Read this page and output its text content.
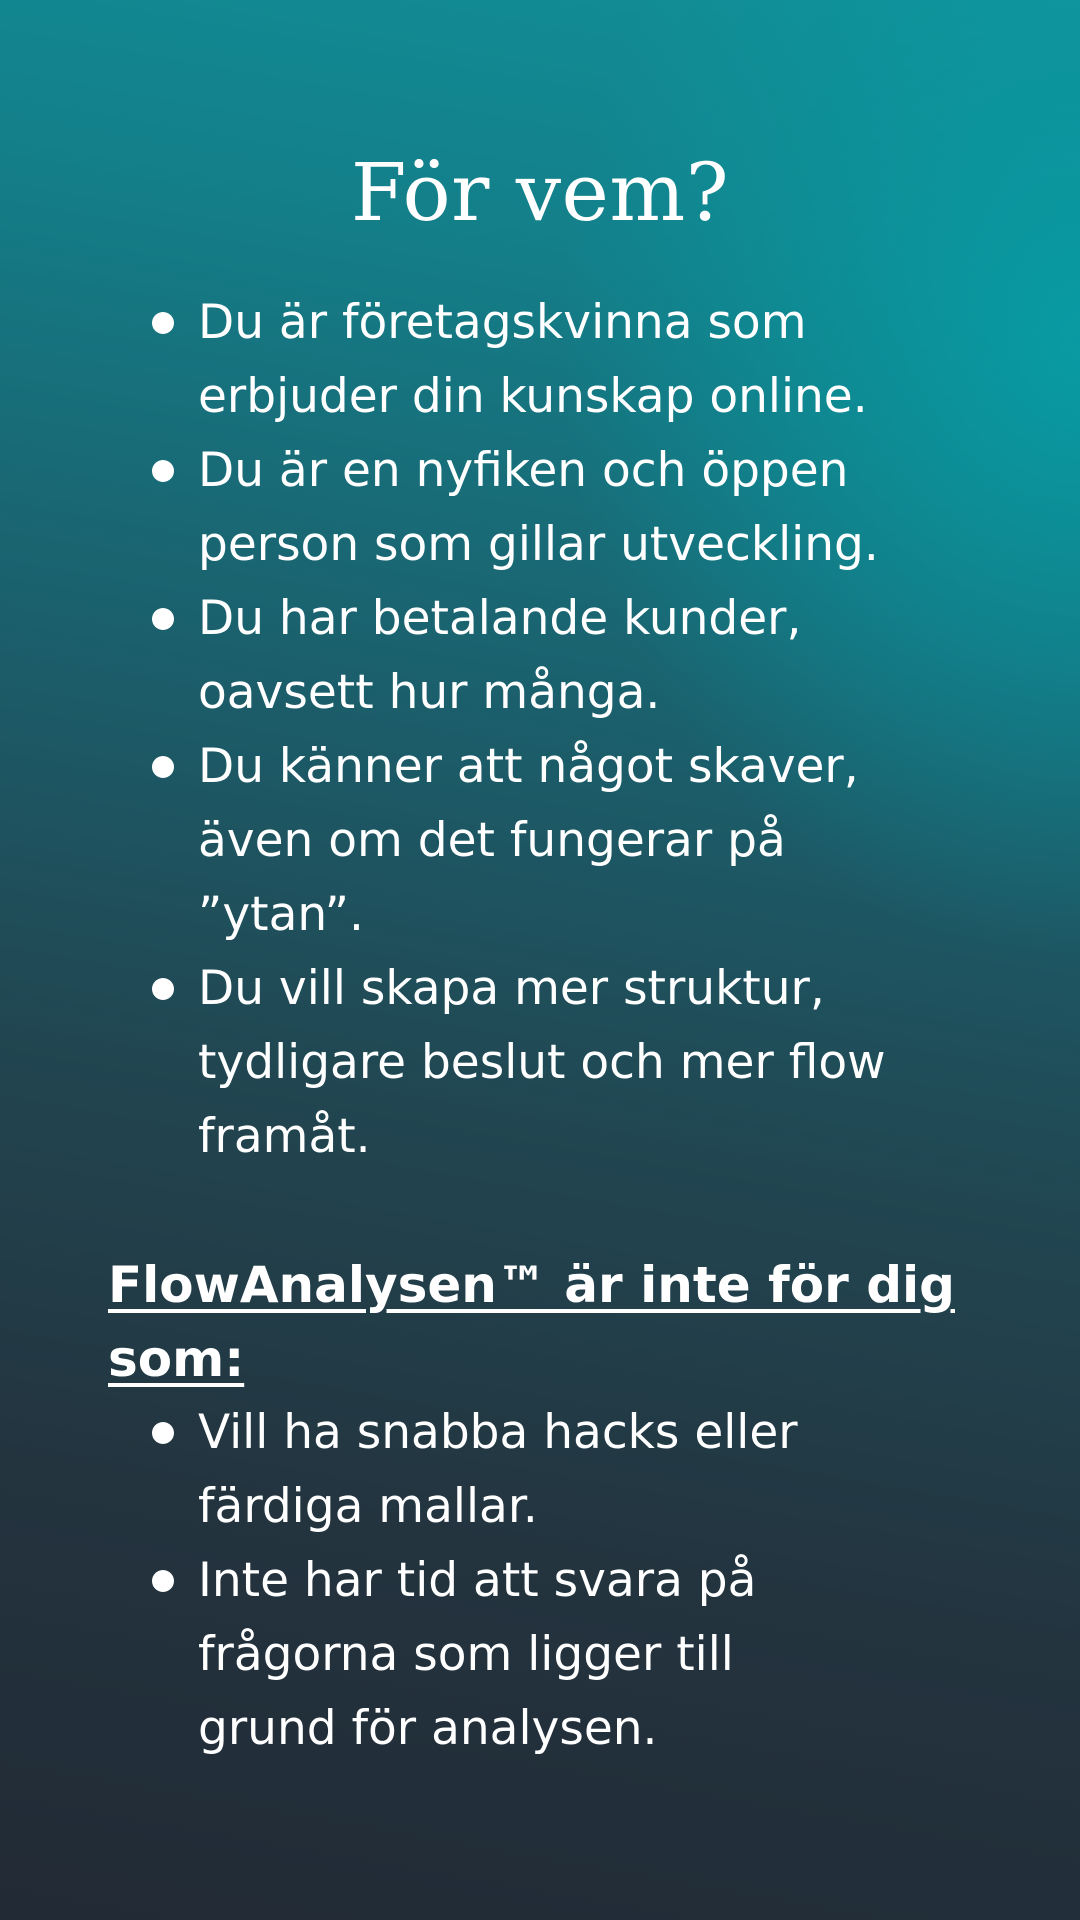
För vem?
Du är företagskvinna som
erbjuder din kunskap online.
Du är en nyfiken och öppen
person som gillar utveckling.
Du har betalande kunder,
oavsett hur många.
Du känner att något skaver,
även om det fungerar på
”ytan”.
Du vill skapa mer struktur,
tydligare beslut och mer flow
framåt.
FlowAnalysen™ är inte för dig
som:
Vill ha snabba hacks eller
färdiga mallar.
Inte har tid att svara på
frågorna som ligger till
grund för analysen.
